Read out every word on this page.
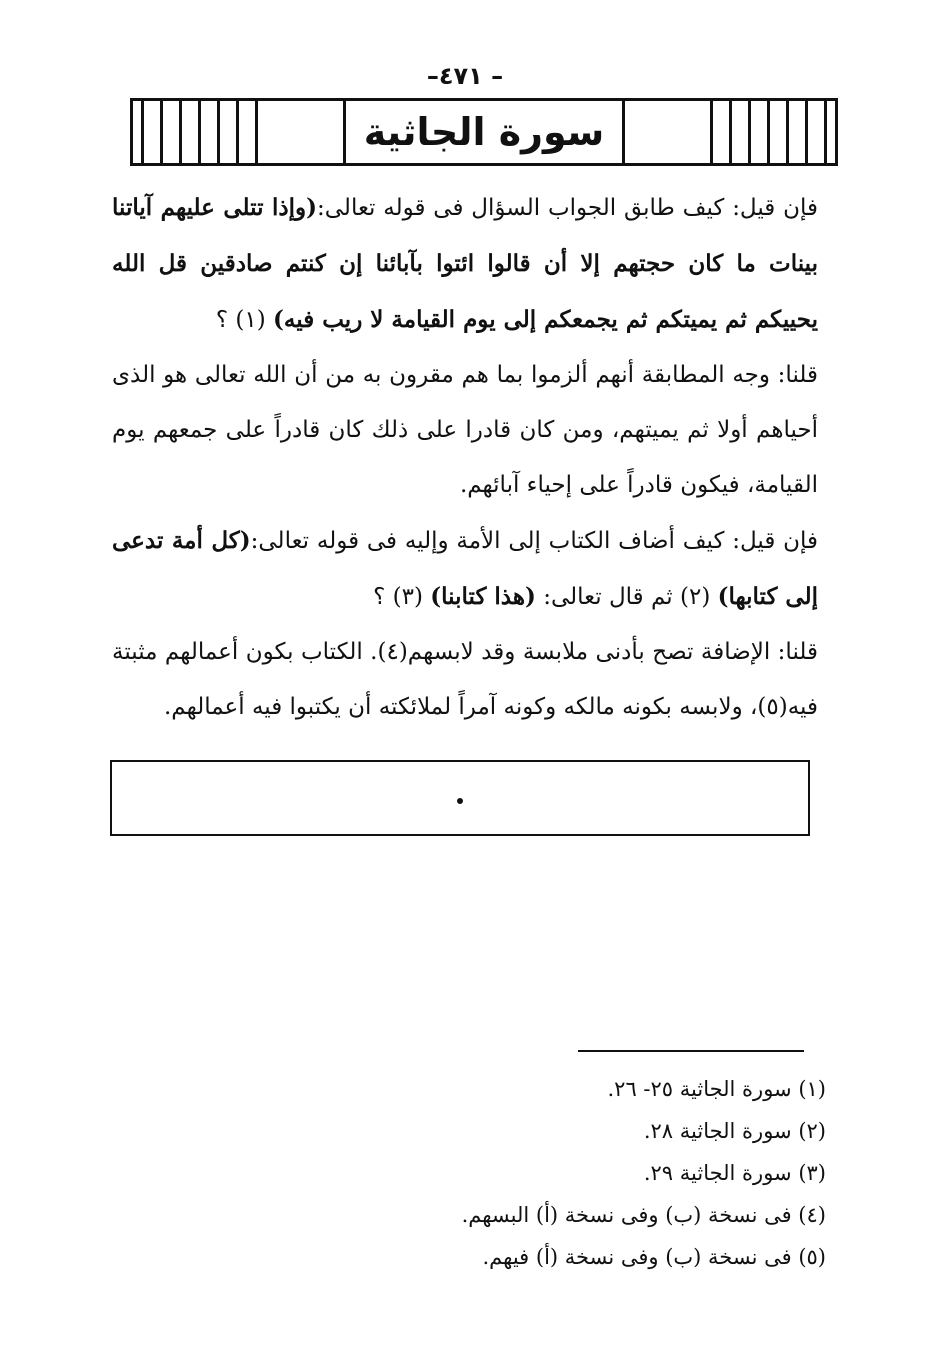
–٤٧١ –
سورة الجاثية

فإن قيل: كيف طابق الجواب السؤال فى قوله تعالى:(وإذا تتلى عليهم آياتنا بينات ما كان حجتهم إلا أن قالوا ائتوا بآبائنا إن كنتم صادقين قل الله يحييكم ثم يميتكم ثم يجمعكم إلى يوم القيامة لا ريب فيه) (١) ؟

قلنا: وجه المطابقة أنهم ألزموا بما هم مقرون به من أن الله تعالى هو الذى أحياهم أولا ثم يميتهم، ومن كان قادرا على ذلك كان قادراً على جمعهم يوم القيامة، فيكون قادراً على إحياء آبائهم.

فإن قيل: كيف أضاف الكتاب إلى الأمة وإليه فى قوله تعالى:(كل أمة تدعى إلى كتابها) (٢) ثم قال تعالى: (هذا كتابنا) (٣) ؟

قلنا: الإضافة تصح بأدنى ملابسة وقد لابسهم(٤). الكتاب بكون أعمالهم مثبتة فيه(٥)، ولابسه بكونه مالكه وكونه آمراً لملائكته أن يكتبوا فيه أعمالهم.

(١) سورة الجاثية ٢٥- ٢٦.
(٢) سورة الجاثية ٢٨.
(٣) سورة الجاثية ٢٩.
(٤) فى نسخة (ب) وفى نسخة (أ) البسهم.
(٥) فى نسخة (ب) وفى نسخة (أ) فيهم.
